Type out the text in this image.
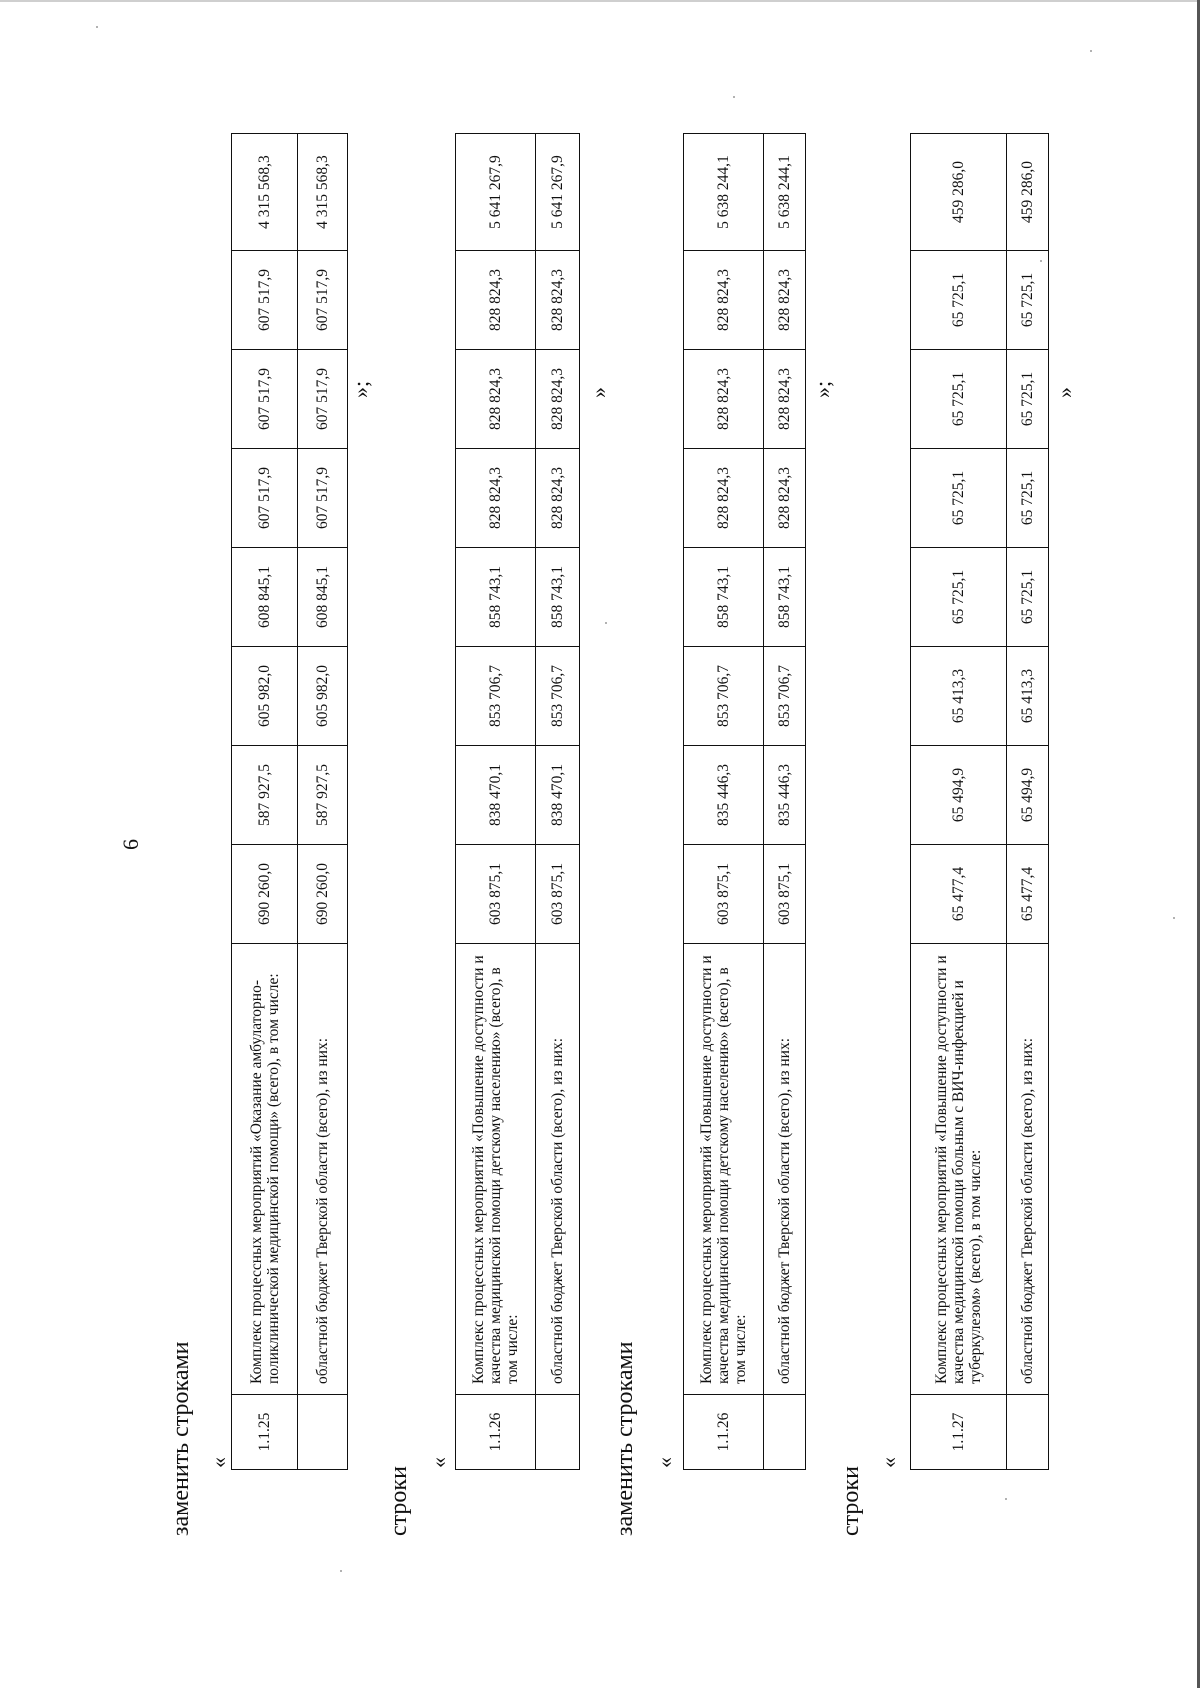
6
заменить строками «
1.1.25	Комплекс процессных мероприятий «Оказание амбулаторно-поликлинической медицинской помощи» (всего), в том числе:	690 260,0	587 927,5	605 982,0	608 845,1	607 517,9	607 517,9	607 517,9	4 315 568,3
	областной бюджет Тверской области (всего), из них:	690 260,0	587 927,5	605 982,0	608 845,1	607 517,9	607 517,9	607 517,9	4 315 568,3
»;
строки
«
1.1.26	Комплекс процессных мероприятий «Повышение доступности и качества медицинской помощи детскому населению» (всего), в том числе:	603 875,1	838 470,1	853 706,7	858 743,1	828 824,3	828 824,3	828 824,3	5 641 267,9
	областной бюджет Тверской области (всего), из них:	603 875,1	838 470,1	853 706,7	858 743,1	828 824,3	828 824,3	828 824,3	5 641 267,9
»
заменить строками «
1.1.26	Комплекс процессных мероприятий «Повышение доступности и качества медицинской помощи детскому населению» (всего), в том числе:	603 875,1	835 446,3	853 706,7	858 743,1	828 824,3	828 824,3	828 824,3	5 638 244,1
	областной бюджет Тверской области (всего), из них:	603 875,1	835 446,3	853 706,7	858 743,1	828 824,3	828 824,3	828 824,3	5 638 244,1
»;
строки
«
1.1.27	Комплекс процессных мероприятий «Повышение доступности и качества медицинской помощи больным с ВИЧ-инфекцией и туберкулезом» (всего), в том числе:	65 477,4	65 494,9	65 413,3	65 725,1	65 725,1	65 725,1	65 725,1	459 286,0
	областной бюджет Тверской области (всего), из них:	65 477,4	65 494,9	65 413,3	65 725,1	65 725,1	65 725,1	65 725,1	459 286,0
»
